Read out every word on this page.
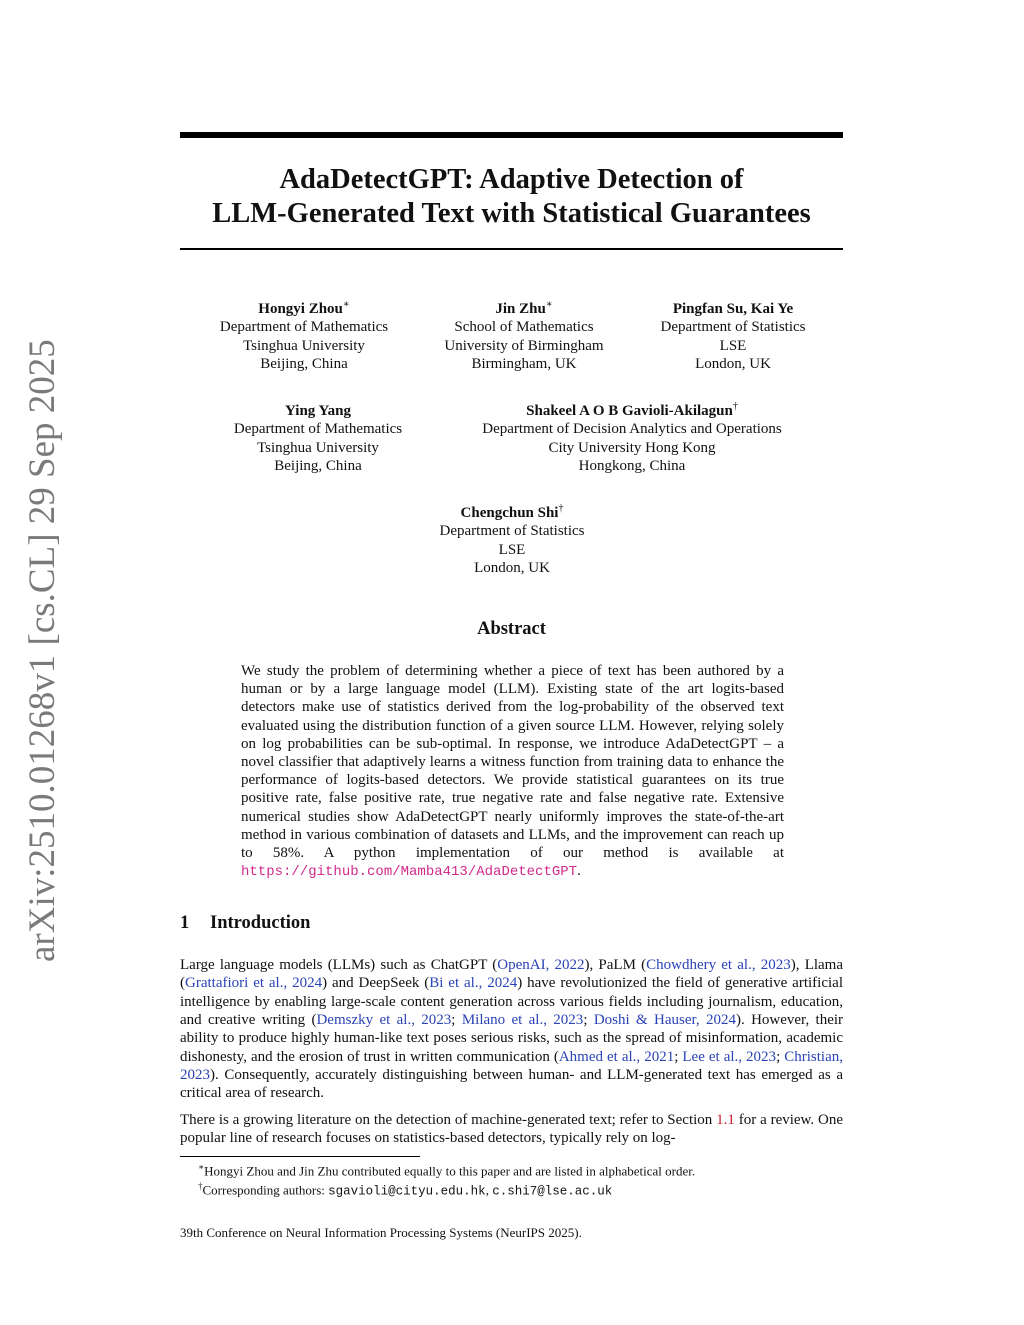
arXiv:2510.01268v1 [cs.CL] 29 Sep 2025
AdaDetectGPT: Adaptive Detection of
LLM-Generated Text with Statistical Guarantees
Hongyi Zhou∗
Department of Mathematics
Tsinghua University
Beijing, China
Jin Zhu∗
School of Mathematics
University of Birmingham
Birmingham, UK
Pingfan Su, Kai Ye
Department of Statistics
LSE
London, UK
Ying Yang
Department of Mathematics
Tsinghua University
Beijing, China
Shakeel A O B Gavioli-Akilagun†
Department of Decision Analytics and Operations
City University Hong Kong
Hongkong, China
Chengchun Shi†
Department of Statistics
LSE
London, UK
Abstract
We study the problem of determining whether a piece of text has been authored by a human or by a large language model (LLM). Existing state of the art logits-based detectors make use of statistics derived from the log-probability of the observed text evaluated using the distribution function of a given source LLM. However, relying solely on log probabilities can be sub-optimal. In response, we introduce AdaDetectGPT – a novel classifier that adaptively learns a witness function from training data to enhance the performance of logits-based detectors. We provide statistical guarantees on its true positive rate, false positive rate, true negative rate and false negative rate. Extensive numerical studies show AdaDetectGPT nearly uniformly improves the state-of-the-art method in various combination of datasets and LLMs, and the improvement can reach up to 58%. A python implementation of our method is available at https://github.com/Mamba413/AdaDetectGPT.
1 Introduction
Large language models (LLMs) such as ChatGPT (OpenAI, 2022), PaLM (Chowdhery et al., 2023), Llama (Grattafiori et al., 2024) and DeepSeek (Bi et al., 2024) have revolutionized the field of generative artificial intelligence by enabling large-scale content generation across various fields including journalism, education, and creative writing (Demszky et al., 2023; Milano et al., 2023; Doshi & Hauser, 2024). However, their ability to produce highly human-like text poses serious risks, such as the spread of misinformation, academic dishonesty, and the erosion of trust in written communication (Ahmed et al., 2021; Lee et al., 2023; Christian, 2023). Consequently, accurately distinguishing between human- and LLM-generated text has emerged as a critical area of research.
There is a growing literature on the detection of machine-generated text; refer to Section 1.1 for a review. One popular line of research focuses on statistics-based detectors, typically rely on log-
∗Hongyi Zhou and Jin Zhu contributed equally to this paper and are listed in alphabetical order.
†Corresponding authors: sgavioli@cityu.edu.hk, c.shi7@lse.ac.uk
39th Conference on Neural Information Processing Systems (NeurIPS 2025).
